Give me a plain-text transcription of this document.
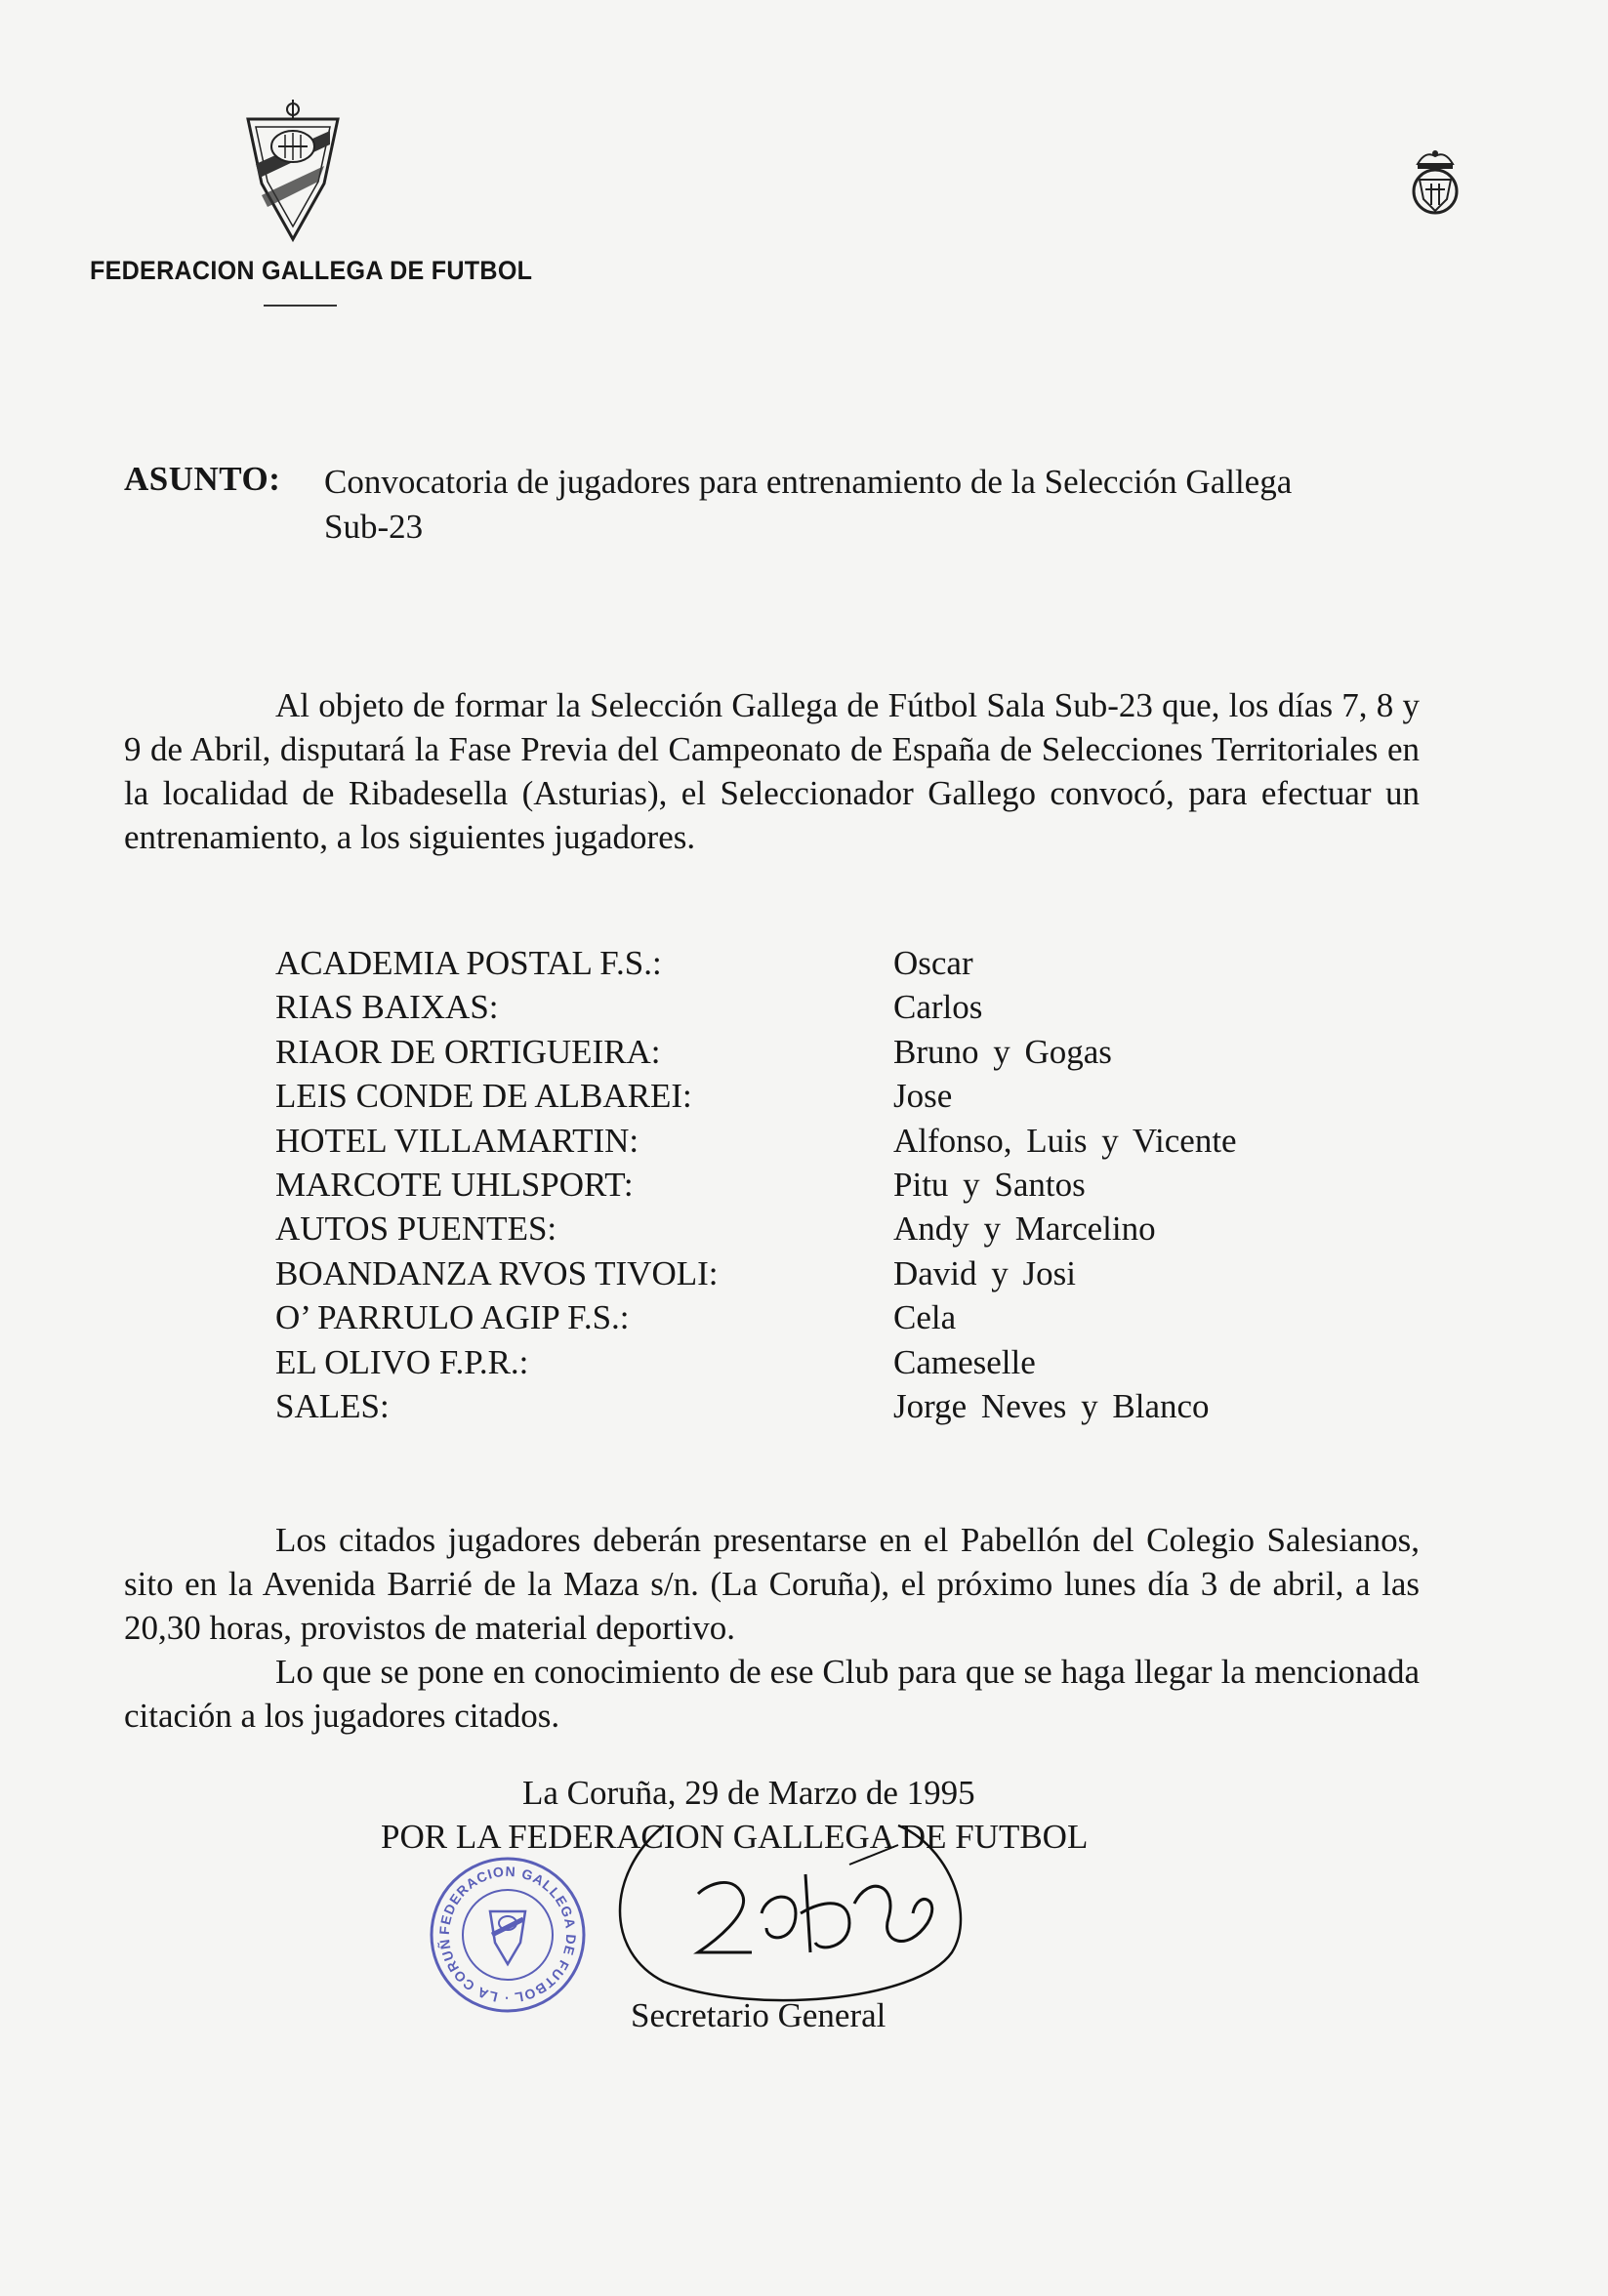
FEDERACION GALLEGA DE FUTBOL
ASUNTO: Convocatoria de jugadores para entrenamiento de la Selección Gallega
Sub-23
Al objeto de formar la Selección Gallega de Fútbol Sala Sub-23 que, los días 7, 8 y 9 de Abril, disputará la Fase Previa del Campeonato de España de Selecciones Territoriales en la localidad de Ribadesella (Asturias), el Seleccionador Gallego convocó, para efectuar un entrenamiento, a los siguientes jugadores.
ACADEMIA POSTAL F.S.:	Oscar
RIAS BAIXAS:	Carlos
RIAOR DE ORTIGUEIRA:	Bruno y Gogas
LEIS CONDE DE ALBAREI:	Jose
HOTEL VILLAMARTIN:	Alfonso, Luis y Vicente
MARCOTE UHLSPORT:	Pitu y Santos
AUTOS PUENTES:	Andy y Marcelino
BOANDANZA RVOS TIVOLI:	David y Josi
O’ PARRULO AGIP F.S.:	Cela
EL OLIVO F.P.R.:	Cameselle
SALES:	Jorge Neves y Blanco
Los citados jugadores deberán presentarse en el Pabellón del Colegio Salesianos, sito en la Avenida Barrié de la Maza s/n. (La Coruña), el próximo lunes día 3 de abril, a las 20,30 horas, provistos de material deportivo.
Lo que se pone en conocimiento de ese Club para que se haga llegar la mencionada citación a los jugadores citados.
La Coruña, 29 de Marzo de 1995
POR LA FEDERACION GALLEGA DE FUTBOL
FEDERACION GALLEGA DE FUTBOL · LA CORUÑ
Secretario General
